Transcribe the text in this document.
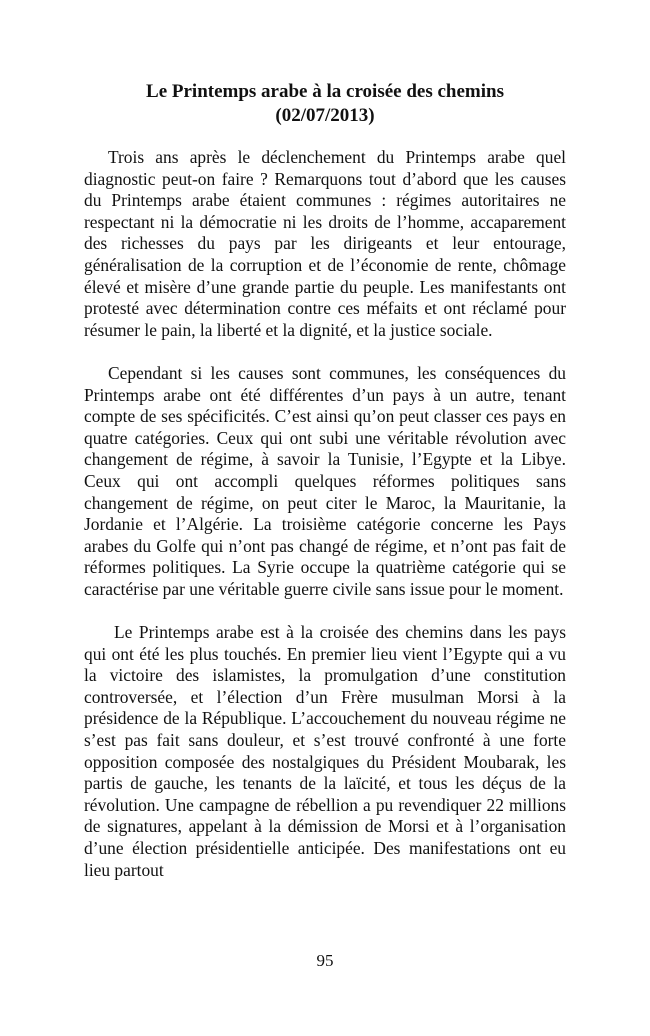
Le Printemps arabe à la croisée des chemins
(02/07/2013)

Trois ans après le déclenchement du Printemps arabe quel diagnostic peut-on faire ? Remarquons tout d’abord que les causes du Printemps arabe étaient communes : régimes autoritaires ne respectant ni la démocratie ni les droits de l’homme, accaparement des richesses du pays par les dirigeants et leur entourage, généralisation de la corruption et de l’économie de rente, chômage élevé et misère d’une grande partie du peuple. Les manifestants ont protesté avec détermination contre ces méfaits et ont réclamé pour résumer le pain, la liberté et la dignité, et la justice sociale.

Cependant si les causes sont communes, les conséquences du Printemps arabe ont été différentes d’un pays à un autre, tenant compte de ses spécificités. C’est ainsi qu’on peut classer ces pays en quatre catégories. Ceux qui ont subi une véritable révolution avec changement de régime, à savoir la Tunisie, l’Egypte et la Libye. Ceux qui ont accompli quelques réformes politiques sans changement de régime, on peut citer le Maroc, la Mauritanie, la Jordanie et l’Algérie. La troisième catégorie concerne les Pays arabes du Golfe qui n’ont pas changé de régime, et n’ont pas fait de réformes politiques. La Syrie occupe la quatrième catégorie qui se caractérise par une véritable guerre civile sans issue pour le moment.

Le Printemps arabe est à la croisée des chemins dans les pays qui ont été les plus touchés. En premier lieu vient l’Egypte qui a vu la victoire des islamistes, la promulgation d’une constitution controversée, et l’élection d’un Frère musulman Morsi à la présidence de la République. L’accouchement du nouveau régime ne s’est pas fait sans douleur, et s’est trouvé confronté à une forte opposition composée des nostalgiques du Président Moubarak, les partis de gauche, les tenants de la laïcité, et tous les déçus de la révolution. Une campagne de rébellion a pu revendiquer 22 millions de signatures, appelant à la démission de Morsi et à l’organisation d’une élection présidentielle anticipée. Des manifestations ont eu lieu partout

95
